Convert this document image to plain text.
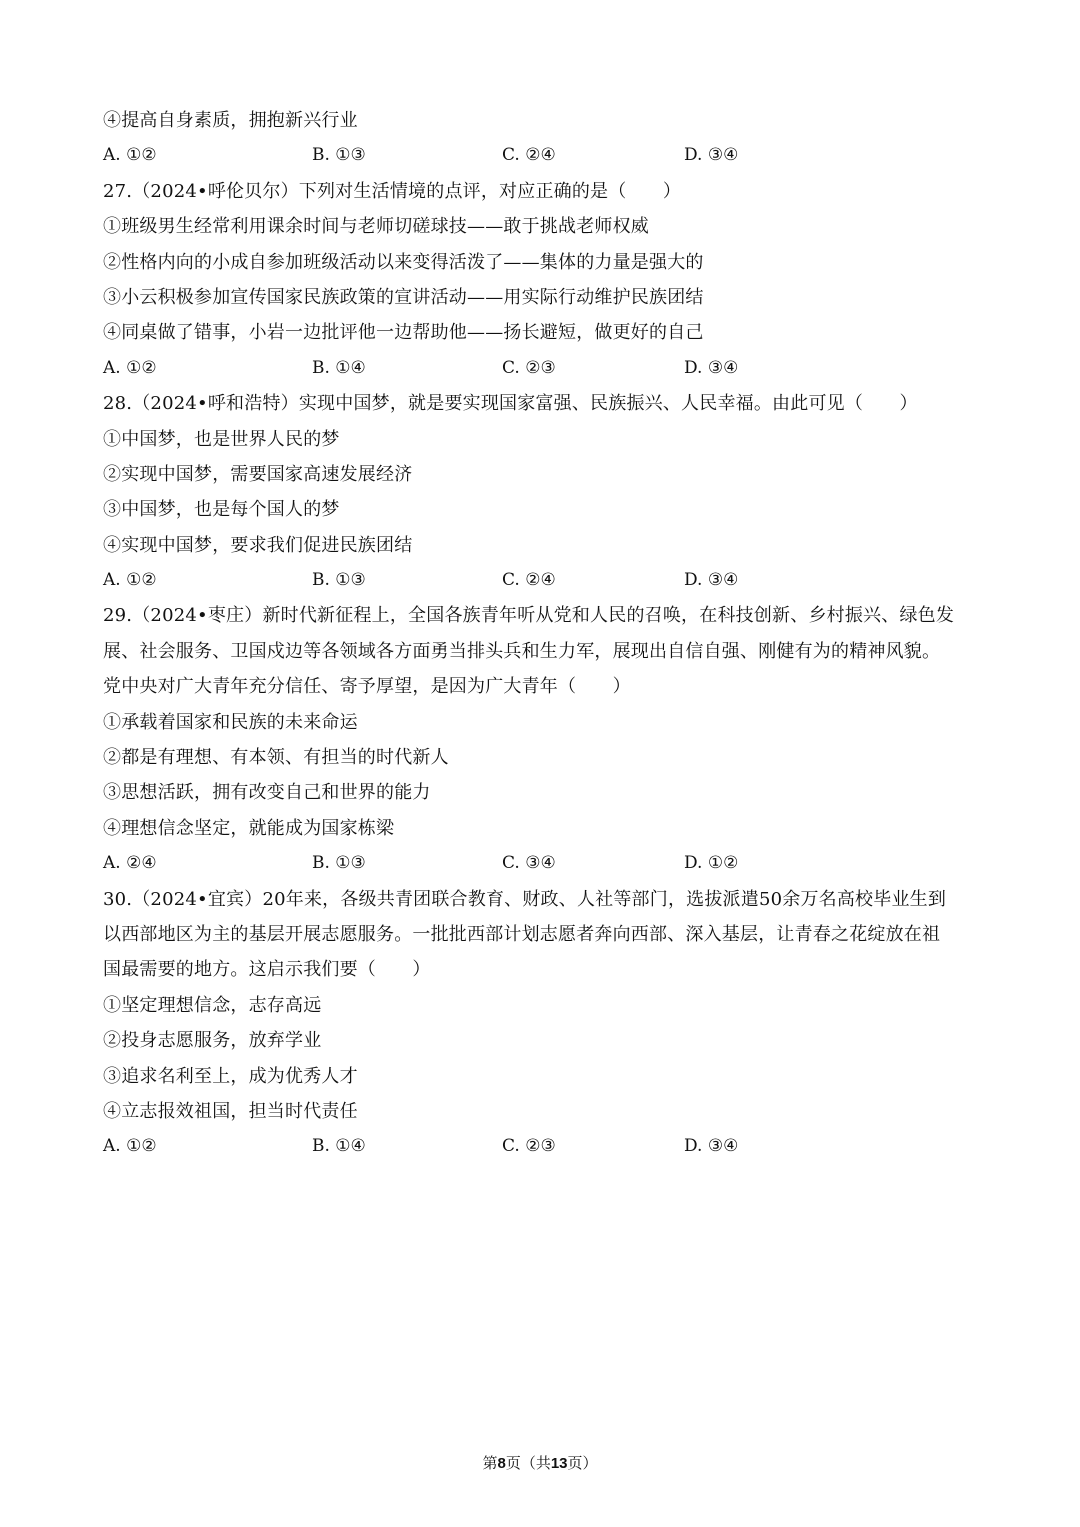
④提高自身素质，拥抱新兴行业
A. ①②	B. ①③	C. ②④	D. ③④
27.（2024•呼伦贝尔）下列对生活情境的点评，对应正确的是（　　）
①班级男生经常利用课余时间与老师切磋球技——敢于挑战老师权威
②性格内向的小成自参加班级活动以来变得活泼了——集体的力量是强大的
③小云积极参加宣传国家民族政策的宣讲活动——用实际行动维护民族团结
④同桌做了错事，小岩一边批评他一边帮助他——扬长避短，做更好的自己
A. ①②	B. ①④	C. ②③	D. ③④
28.（2024•呼和浩特）实现中国梦，就是要实现国家富强、民族振兴、人民幸福。由此可见（　　）
①中国梦，也是世界人民的梦
②实现中国梦，需要国家高速发展经济
③中国梦，也是每个国人的梦
④实现中国梦，要求我们促进民族团结
A. ①②	B. ①③	C. ②④	D. ③④
29.（2024•枣庄）新时代新征程上，全国各族青年听从党和人民的召唤，在科技创新、乡村振兴、绿色发
展、社会服务、卫国戍边等各领域各方面勇当排头兵和生力军，展现出自信自强、刚健有为的精神风貌。
党中央对广大青年充分信任、寄予厚望，是因为广大青年（　　）
①承载着国家和民族的未来命运
②都是有理想、有本领、有担当的时代新人
③思想活跃，拥有改变自己和世界的能力
④理想信念坚定，就能成为国家栋梁
A. ②④	B. ①③	C. ③④	D. ①②
30.（2024•宜宾）20年来，各级共青团联合教育、财政、人社等部门，选拔派遣50余万名高校毕业生到
以西部地区为主的基层开展志愿服务。一批批西部计划志愿者奔向西部、深入基层，让青春之花绽放在祖
国最需要的地方。这启示我们要（　　）
①坚定理想信念，志存高远
②投身志愿服务，放弃学业
③追求名利至上，成为优秀人才
④立志报效祖国，担当时代责任
A. ①②	B. ①④	C. ②③	D. ③④
第8页（共13页）
